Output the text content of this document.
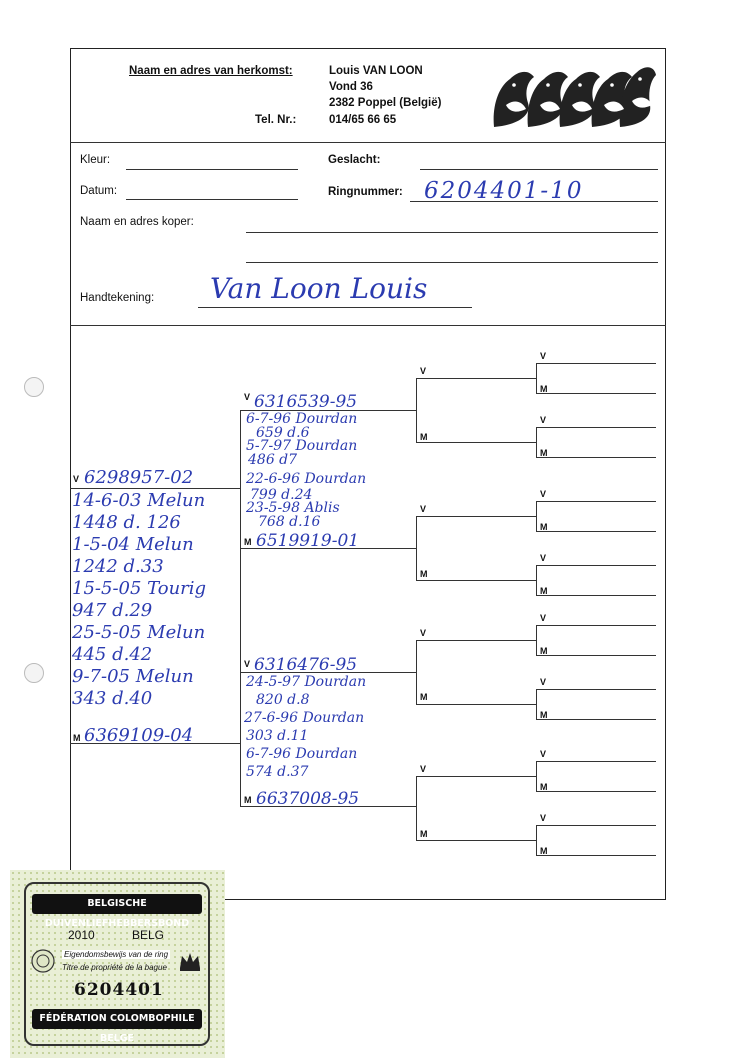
Naam en adres van herkomst:
Tel. Nr.:
Louis VAN LOON
Vond 36
2382 Poppel (België)
014/65 66 65
Kleur:
Datum:
Geslacht:
Ringnummer: 6204401-10
Naam en adres koper:
Handtekening: Van Loon Louis
V
M
V
M
V
M
V
M
V
M
V
M
V
M
V
M
V
M
V
M
V
M
V
M
V
M
V
M
V
M
6298957-02
14-6-03 Melun
1448 d. 126
1-5-04 Melun
1242 d.33
15-5-05 Tourig
947 d.29
25-5-05 Melun
445 d.42
9-7-05 Melun
343 d.40
6369109-04
6316539-95
6-7-96 Dourdan
659 d.6
5-7-97 Dourdan
486 d7
22-6-96 Dourdan
799 d.24
23-5-98 Ablis
768 d.16
6519919-01
6316476-95
24-5-97 Dourdan
820 d.8
27-6-96 Dourdan
303 d.11
6-7-96 Dourdan
574 d.37
6637008-95
BELGISCHE DUIVENLIEFHEBBERSBOND
2010	BELG
Eigendomsbewijs van de ring
Titre de propriété de la bague
6204401
FÉDÉRATION COLOMBOPHILE BELGE
